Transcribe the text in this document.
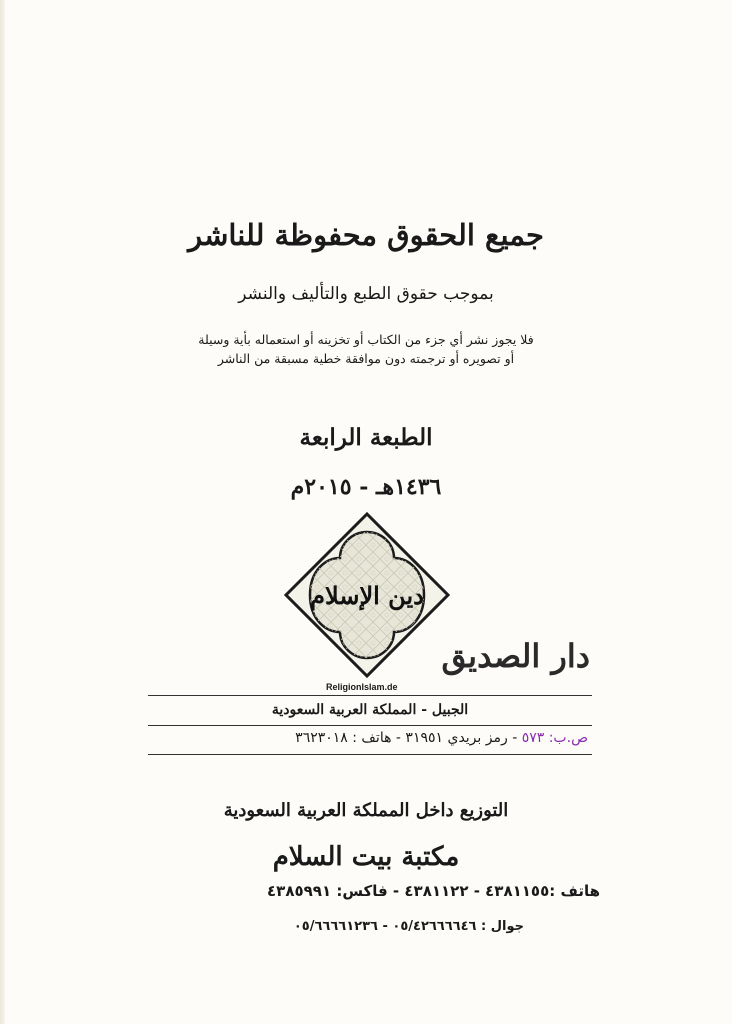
جميع الحقوق محفوظة للناشر
بموجب حقوق الطبع والتأليف والنشر
فلا يجوز نشر أي جزء من الكتاب أو تخزينه أو استعماله بأية وسيلة
أو تصويره أو ترجمته دون موافقة خطية مسبقة من الناشر
الطبعة الرابعة
١٤٣٦هـ - ٢٠١٥م
دين الإسلام
دار الصديق
ReligionIslam.de
الجبيل - المملكة العربية السعودية
ص.ب: ٥٧٣ - رمز بريدي ٣١٩٥١ - هاتف : ٣٦٢٣٠١٨
التوزيع داخل المملكة العربية السعودية
مكتبة بيت السلام
هاتف :٤٣٨١١٥٥ - ٤٣٨١١٢٢ - فاكس: ٤٣٨٥٩٩١
جوال : ٠٥/٤٢٦٦٦٦٤٦ - ٠٥/٦٦٦٦١٢٣٦
